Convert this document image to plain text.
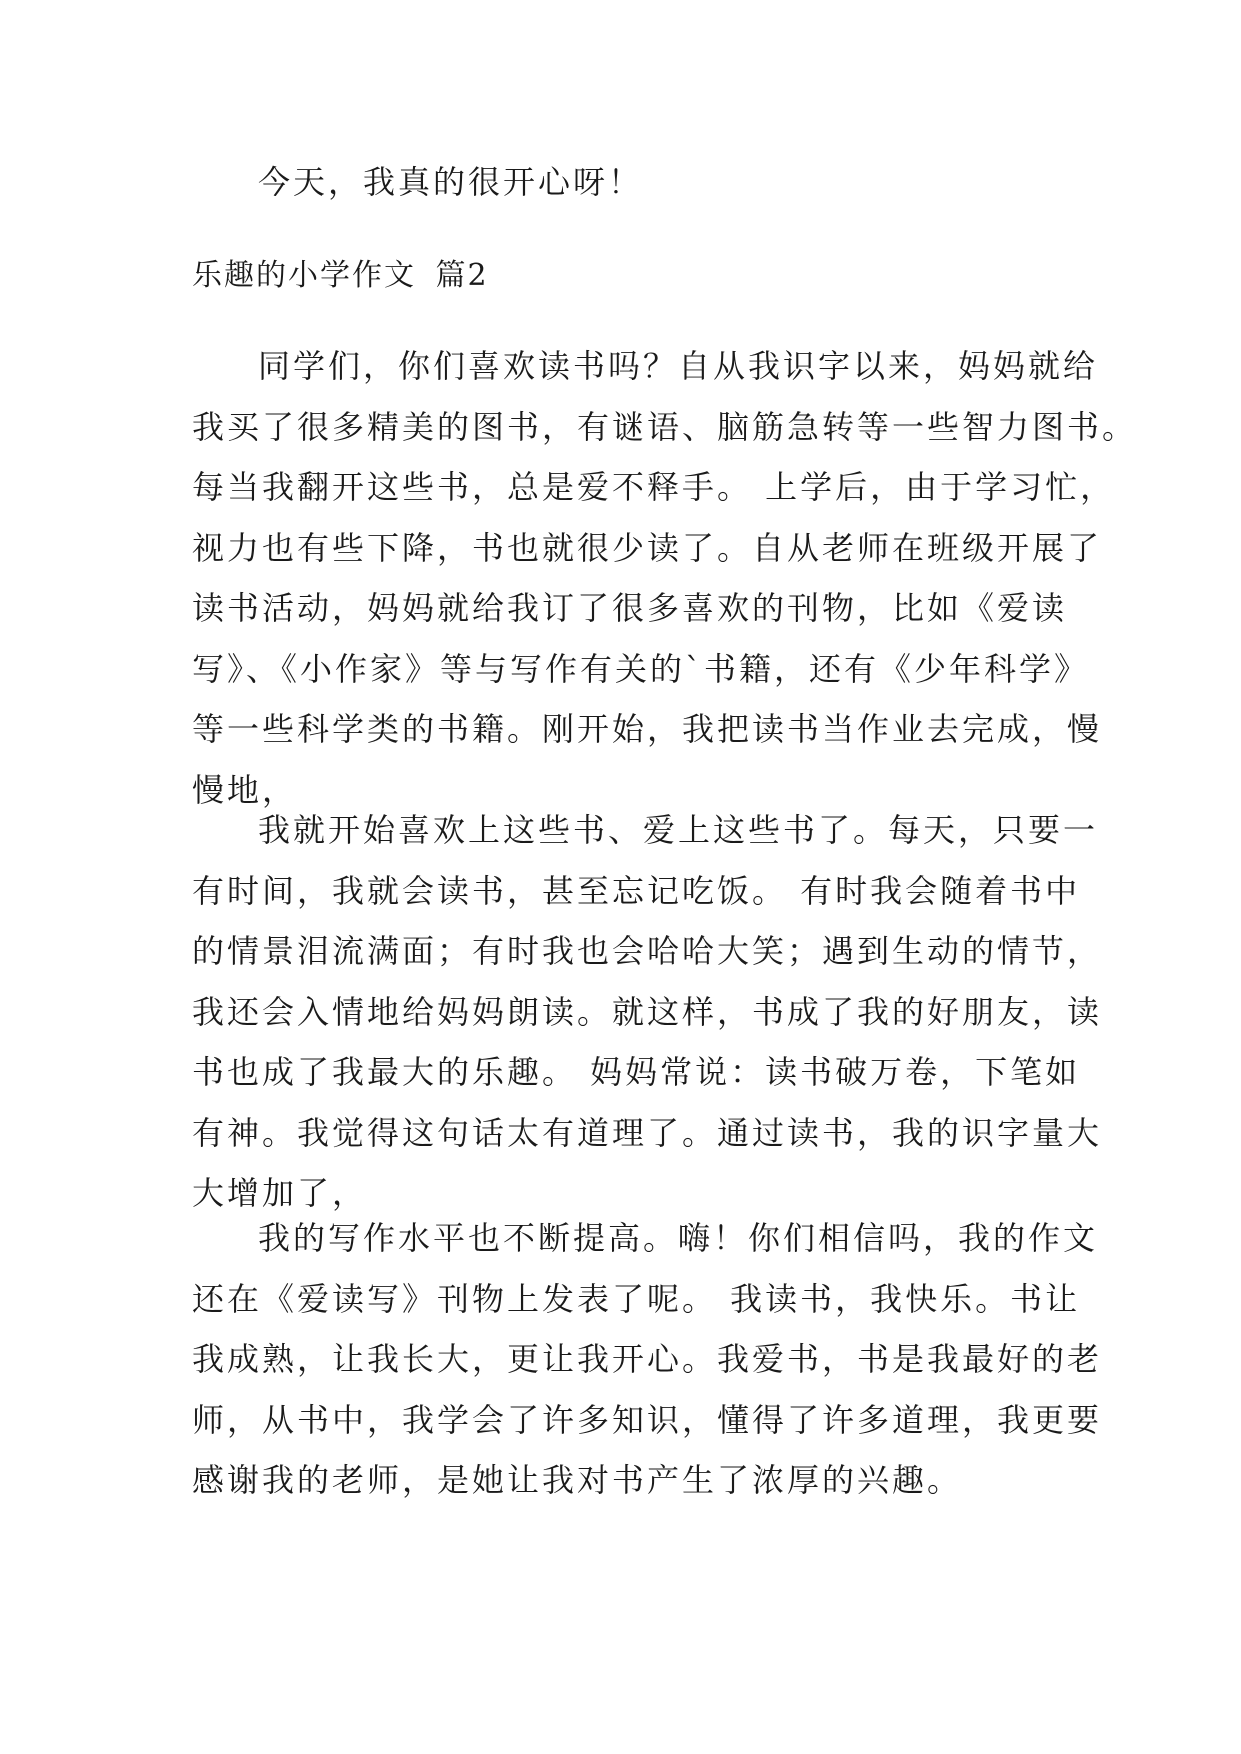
今天，我真的很开心呀！
乐趣的小学作文 篇2
同学们，你们喜欢读书吗？自从我识字以来，妈妈就给
我买了很多精美的图书，有谜语、脑筋急转等一些智力图书。
每当我翻开这些书，总是爱不释手。 上学后，由于学习忙，
视力也有些下降，书也就很少读了。自从老师在班级开展了
读书活动，妈妈就给我订了很多喜欢的刊物，比如《爱读
写》、《小作家》等与写作有关的`书籍，还有《少年科学》
等一些科学类的书籍。刚开始，我把读书当作业去完成，慢
慢地，
我就开始喜欢上这些书、爱上这些书了。每天，只要一
有时间，我就会读书，甚至忘记吃饭。 有时我会随着书中
的情景泪流满面；有时我也会哈哈大笑；遇到生动的情节，
我还会入情地给妈妈朗读。就这样，书成了我的好朋友，读
书也成了我最大的乐趣。 妈妈常说：读书破万卷，下笔如
有神。我觉得这句话太有道理了。通过读书，我的识字量大
大增加了，
我的写作水平也不断提高。嗨！你们相信吗，我的作文
还在《爱读写》刊物上发表了呢。 我读书，我快乐。书让
我成熟，让我长大，更让我开心。我爱书，书是我最好的老
师，从书中，我学会了许多知识，懂得了许多道理，我更要
感谢我的老师，是她让我对书产生了浓厚的兴趣。
